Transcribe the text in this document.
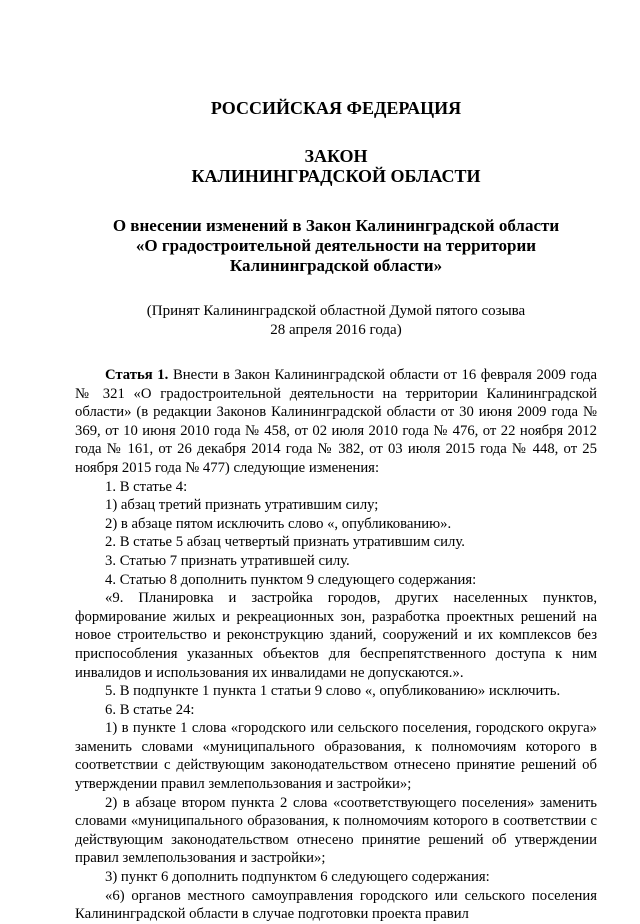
РОССИЙСКАЯ ФЕДЕРАЦИЯ

ЗАКОН
КАЛИНИНГРАДСКОЙ ОБЛАСТИ
О внесении изменений в Закон Калининградской области
«О градостроительной деятельности на территории
Калининградской области»
(Принят Калининградской областной Думой пятого созыва
28 апреля 2016 года)

Статья 1. Внести в Закон Калининградской области от 16 февраля 2009 года № 321 «О градостроительной деятельности на территории Калининградской области» (в редакции Законов Калининградской области от 30 июня 2009 года № 369, от 10 июня 2010 года № 458, от 02 июля 2010 года № 476, от 22 ноября 2012 года № 161, от 26 декабря 2014 года № 382, от 03 июля 2015 года № 448, от 25 ноября 2015 года № 477) следующие изменения:

1. В статье 4:

1) абзац третий признать утратившим силу;

2) в абзаце пятом исключить слово «, опубликованию».

2. В статье 5 абзац четвертый признать утратившим силу.

3. Статью 7 признать утратившей силу.

4. Статью 8 дополнить пунктом 9 следующего содержания:

«9. Планировка и застройка городов, других населенных пунктов, формирование жилых и рекреационных зон, разработка проектных решений на новое строительство и реконструкцию зданий, сооружений и их комплексов без приспособления указанных объектов для беспрепятственного доступа к ним инвалидов и использования их инвалидами не допускаются.».

5. В подпункте 1 пункта 1 статьи 9 слово «, опубликованию» исключить.

6. В статье 24:

1) в пункте 1 слова «городского или сельского поселения, городского округа» заменить словами «муниципального образования, к полномочиям которого в соответствии с действующим законодательством отнесено принятие решений об утверждении правил землепользования и застройки»;

2) в абзаце втором пункта 2 слова «соответствующего поселения» заменить словами «муниципального образования, к полномочиям которого в соответствии с действующим законодательством отнесено принятие решений об утверждении правил землепользования и застройки»;

3) пункт 6 дополнить подпунктом 6 следующего содержания:

«6) органов местного самоуправления городского или сельского поселения Калининградской области в случае подготовки проекта правил
